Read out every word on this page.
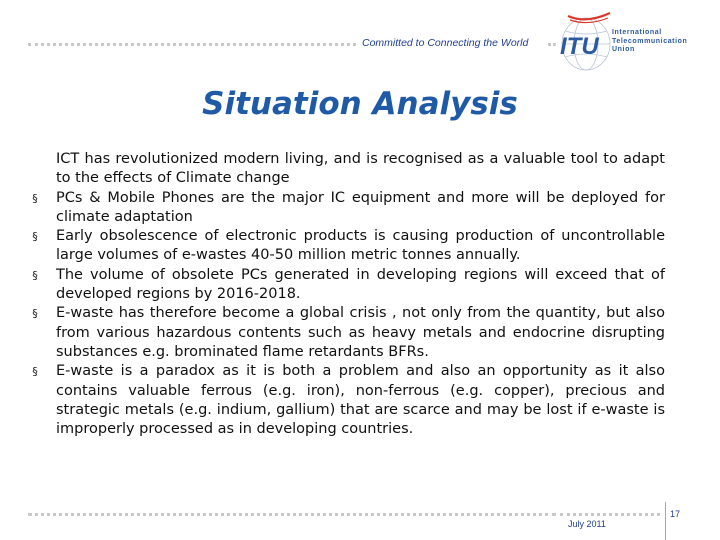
Committed to Connecting the World ITU
International
Telecommunication
Union
Situation Analysis
ICT has revolutionized modern living, and is recognised as a valuable tool to adapt to the effects of Climate change
§ PCs & Mobile Phones are the major IC equipment and more will be deployed for climate adaptation
§ Early obsolescence of electronic products is causing production of uncontrollable large volumes of e-wastes 40-50 million metric tonnes annually.
§ The volume of obsolete PCs generated in developing regions will exceed that of developed regions by 2016-2018.
§ E-waste has therefore become a global crisis , not only from the quantity, but also from various hazardous contents such as heavy metals and endocrine disrupting substances e.g. brominated flame retardants BFRs.
§ E-waste is a paradox as it is both a problem and also an opportunity as it also contains valuable ferrous (e.g. iron), non-ferrous (e.g. copper), precious and strategic metals (e.g. indium, gallium) that are scarce and may be lost if e-waste is improperly processed as in developing countries.
July 2011
17
